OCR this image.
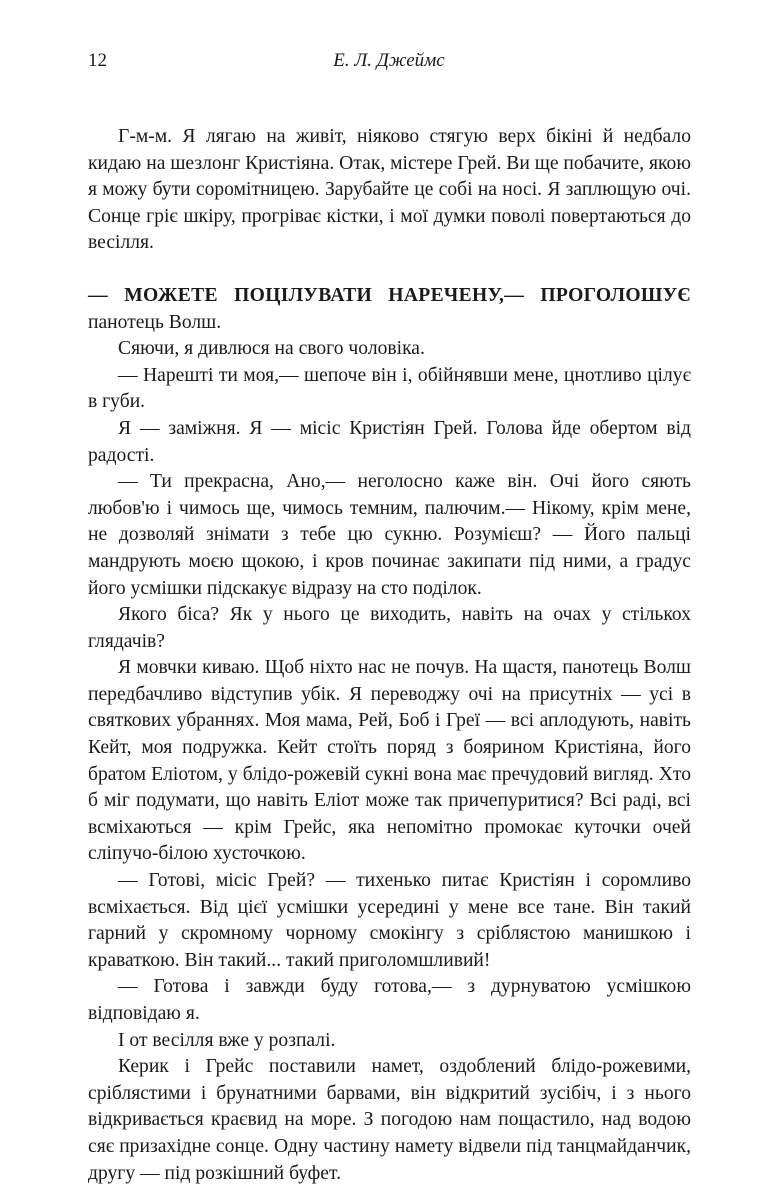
12	Е. Л. Джеймс

Г-м-м. Я лягаю на живіт, ніяково стягую верх бікіні й недбало кидаю на шезлонг Кристіяна. Отак, містере Грей. Ви ще побачите, якою я можу бути соромітницею. Зарубайте це собі на носі. Я заплющую очі. Сонце гріє шкіру, прогріває кістки, і мої думки поволі повертаються до весілля.

— МОЖЕТЕ ПОЦІЛУВАТИ НАРЕЧЕНУ,— ПРОГОЛОШУЄ панотець Волш.

Сяючи, я дивлюся на свого чоловіка.

— Нарешті ти моя,— шепоче він і, обійнявши мене, цнотливо цілує в губи.

Я — заміжня. Я — місіс Кристіян Грей. Голова йде обертом від радості.

— Ти прекрасна, Ано,— неголосно каже він. Очі його сяють любов'ю і чимось ще, чимось темним, палючим.— Нікому, крім мене, не дозволяй знімати з тебе цю сукню. Розумієш? — Його пальці мандрують моєю щокою, і кров починає закипати під ними, а градус його усмішки підскакує відразу на сто поділок.

Якого біса? Як у нього це виходить, навіть на очах у стількох глядачів?

Я мовчки киваю. Щоб ніхто нас не почув. На щастя, панотець Волш передбачливо відступив убік. Я переводжу очі на присутніх — усі в святкових убраннях. Моя мама, Рей, Боб і Греї — всі аплодують, навіть Кейт, моя подружка. Кейт стоїть поряд з боярином Кристіяна, його братом Еліотом, у блідо-рожевій сукні вона має пречудовий вигляд. Хто б міг подумати, що навіть Еліот може так причепуритися? Всі раді, всі всміхаються — крім Грейс, яка непомітно промокає куточки очей сліпучо-білою хусточкою.

— Готові, місіс Грей? — тихенько питає Кристіян і соромливо всміхається. Від цієї усмішки усередині у мене все тане. Він такий гарний у скромному чорному смокінгу з сріблястою манишкою і краваткою. Він такий... такий приголомшливий!

— Готова і завжди буду готова,— з дурнуватою усмішкою відповідаю я.

І от весілля вже у розпалі.

Керик і Грейс поставили намет, оздоблений блідо-рожевими, сріблястими і брунатними барвами, він відкритий зусібіч, і з нього відкривається краєвид на море. З погодою нам пощастило, над водою сяє призахідне сонце. Одну частину намету відвели під танцмайданчик, другу — під розкішний буфет.
